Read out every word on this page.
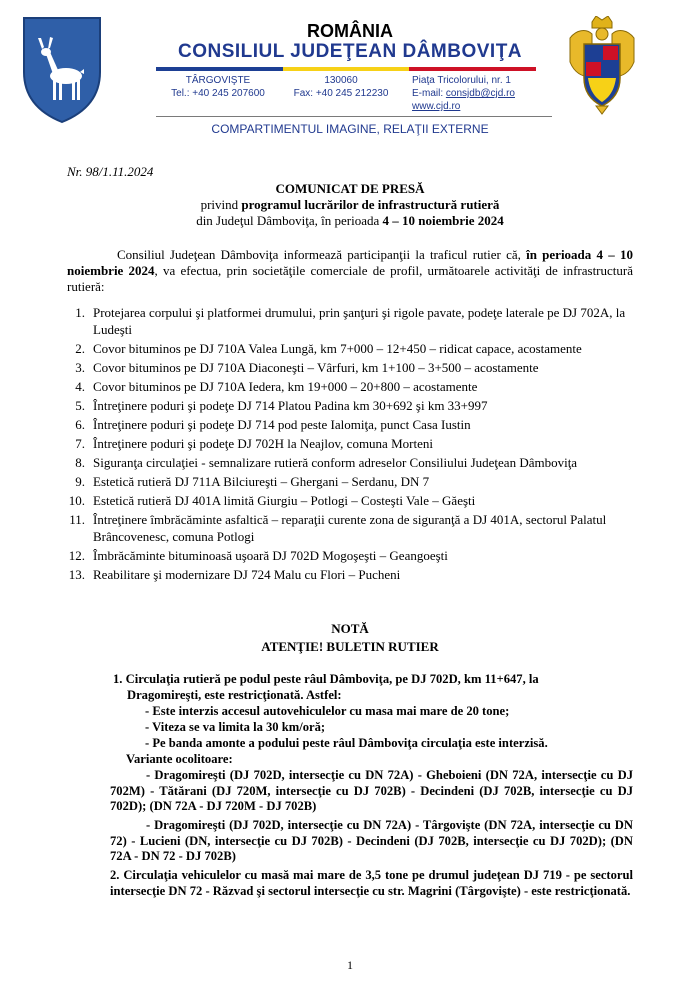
ROMÂNIA
CONSILIUL JUDEŢEAN DÂMBOVIŢA
TÂRGOVIŞTE
Tel.: +40 245 207600
130060
Fax: +40 245 212230
Piaţa Tricolorului, nr. 1
E-mail: consjdb@cjd.ro
www.cjd.ro
COMPARTIMENTUL IMAGINE, RELAŢII EXTERNE
Nr. 98/1.11.2024
COMUNICAT DE PRESĂ
privind programul lucrărilor de infrastructură rutieră
din Judeţul Dâmboviţa, în perioada 4 – 10 noiembrie 2024
Consiliul Judeţean Dâmboviţa informează participanţii la traficul rutier că, în perioada 4 – 10 noiembrie 2024, va efectua, prin societăţile comerciale de profil, următoarele activităţi de infrastructură rutieră:
1. Protejarea corpului şi platformei drumului, prin şanţuri şi rigole pavate, podeţe laterale pe DJ 702A, la Ludeşti
2. Covor bituminos pe DJ 710A Valea Lungă, km 7+000 – 12+450 – ridicat capace, acostamente
3. Covor bituminos pe DJ 710A Diaconeşti – Vârfuri, km 1+100 – 3+500 – acostamente
4. Covor bituminos pe DJ 710A Iedera, km 19+000 – 20+800 – acostamente
5. Întreţinere poduri şi podeţe DJ 714 Platou Padina km 30+692 şi km 33+997
6. Întreţinere poduri şi podeţe DJ 714 pod peste Ialomiţa, punct Casa Iustin
7. Întreţinere poduri şi podeţe DJ 702H la Neajlov, comuna Morteni
8. Siguranţa circulaţiei - semnalizare rutieră conform adreselor Consiliului Judeţean Dâmboviţa
9. Estetică rutieră DJ 711A Bilciureşti – Ghergani – Serdanu, DN 7
10. Estetică rutieră DJ 401A limită Giurgiu – Potlogi – Costeşti Vale – Găeşti
11. Întreţinere îmbrăcăminte asfaltică – reparaţii curente zona de siguranţă a DJ 401A, sectorul Palatul Brâncovenesc, comuna Potlogi
12. Îmbrăcăminte bituminoasă uşoară DJ 702D Mogoşeşti – Geangoeşti
13. Reabilitare şi modernizare DJ 724 Malu cu Flori – Pucheni
NOTĂ
ATENŢIE! BULETIN RUTIER
1. Circulaţia rutieră pe podul peste râul Dâmboviţa, pe DJ 702D, km 11+647, la
Dragomireşti, este restricţionată. Astfel:
- Este interzis accesul autovehiculelor cu masa mai mare de 20 tone;
- Viteza se va limita la 30 km/oră;
- Pe banda amonte a podului peste râul Dâmboviţa circulaţia este interzisă.
Variante ocolitoare:
- Dragomireşti (DJ 702D, intersecţie cu DN 72A) - Gheboieni (DN 72A, intersecţie cu DJ 702M) - Tătărani (DJ 720M, intersecţie cu DJ 702B) - Decindeni (DJ 702B, intersecţie cu DJ 702D); (DN 72A - DJ 720M - DJ 702B)
- Dragomireşti (DJ 702D, intersecţie cu DN 72A) - Târgovişte (DN 72A, intersecţie cu DN 72) - Lucieni (DN, intersecţie cu DJ 702B) - Decindeni (DJ 702B, intersecţie cu DJ 702D); (DN 72A - DN 72 - DJ 702B)
2. Circulaţia vehiculelor cu masă mai mare de 3,5 tone pe drumul judeţean DJ 719 - pe sectorul intersecţie DN 72 - Răzvad şi sectorul intersecţie cu str. Magrini (Târgovişte) - este restricţionată.
1
